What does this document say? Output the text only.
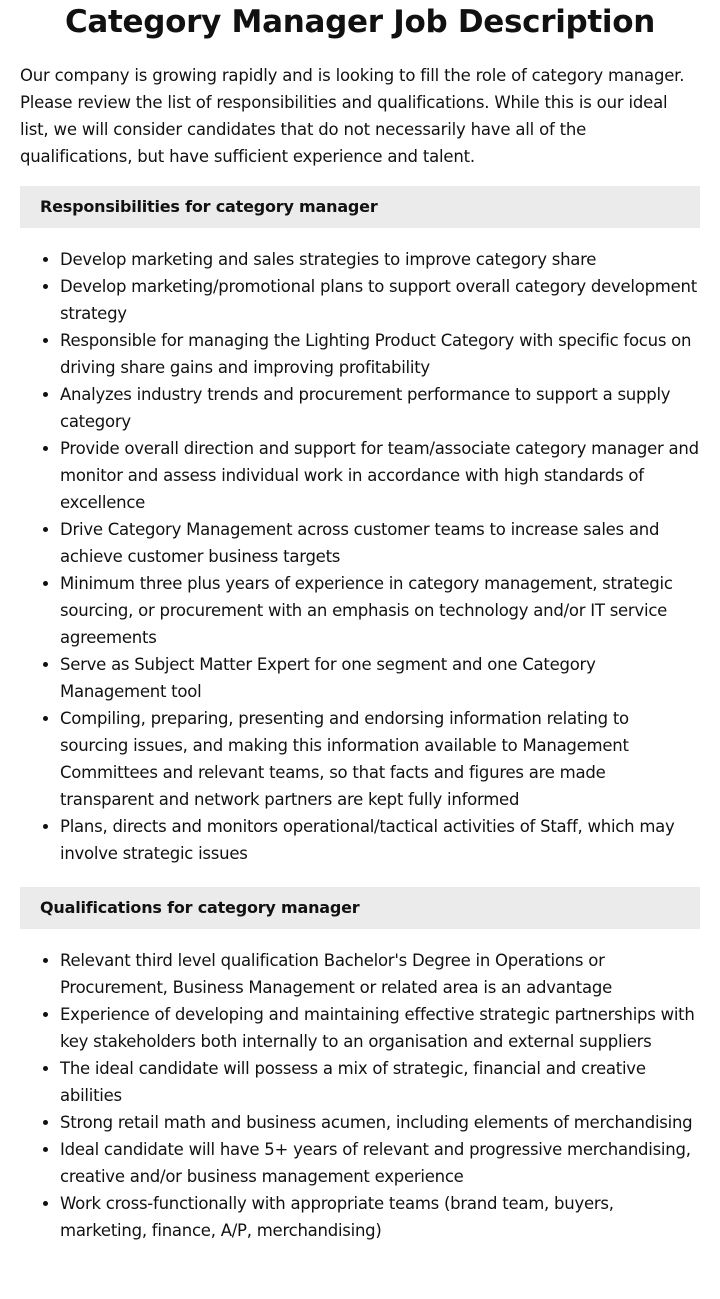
Category Manager Job Description

Our company is growing rapidly and is looking to fill the role of category manager. Please review the list of responsibilities and qualifications. While this is our ideal list, we will consider candidates that do not necessarily have all of the qualifications, but have sufficient experience and talent.

Responsibilities for category manager
• Develop marketing and sales strategies to improve category share
• Develop marketing/promotional plans to support overall category development strategy
• Responsible for managing the Lighting Product Category with specific focus on driving share gains and improving profitability
• Analyzes industry trends and procurement performance to support a supply category
• Provide overall direction and support for team/associate category manager and monitor and assess individual work in accordance with high standards of excellence
• Drive Category Management across customer teams to increase sales and achieve customer business targets
• Minimum three plus years of experience in category management, strategic sourcing, or procurement with an emphasis on technology and/or IT service agreements
• Serve as Subject Matter Expert for one segment and one Category Management tool
• Compiling, preparing, presenting and endorsing information relating to sourcing issues, and making this information available to Management Committees and relevant teams, so that facts and figures are made transparent and network partners are kept fully informed
• Plans, directs and monitors operational/tactical activities of Staff, which may involve strategic issues
Qualifications for category manager
• Relevant third level qualification Bachelor's Degree in Operations or Procurement, Business Management or related area is an advantage
• Experience of developing and maintaining effective strategic partnerships with key stakeholders both internally to an organisation and external suppliers
• The ideal candidate will possess a mix of strategic, financial and creative abilities
• Strong retail math and business acumen, including elements of merchandising
• Ideal candidate will have 5+ years of relevant and progressive merchandising, creative and/or business management experience
• Work cross-functionally with appropriate teams (brand team, buyers, marketing, finance, A/P, merchandising)
